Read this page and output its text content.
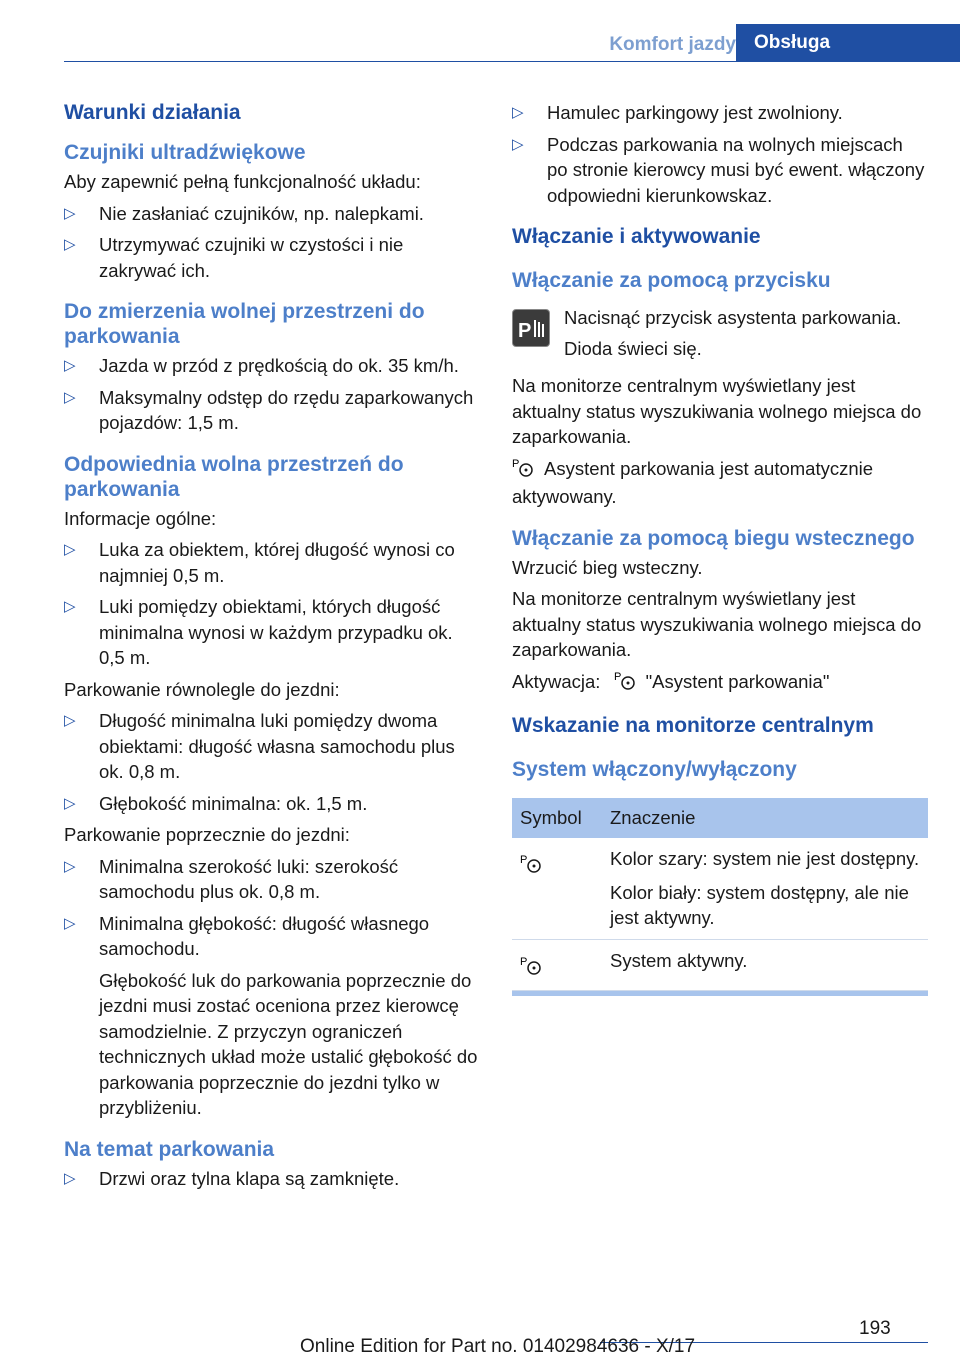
Komfort jazdy Obsługa
Warunki działania
Czujniki ultradźwiękowe
Aby zapewnić pełną funkcjonalność układu:
▷ Nie zasłaniać czujników, np. nalepkami.
▷ Utrzymywać czujniki w czystości i nie zakrywać ich.
Do zmierzenia wolnej przestrzeni do parkowania
▷ Jazda w przód z prędkością do ok. 35 km/h.
▷ Maksymalny odstęp do rzędu zaparkowanych pojazdów: 1,5 m.
Odpowiednia wolna przestrzeń do parkowania
Informacje ogólne:
▷ Luka za obiektem, której długość wynosi co najmniej 0,5 m.
▷ Luki pomiędzy obiektami, których długość minimalna wynosi w każdym przypadku ok. 0,5 m.
Parkowanie równolegle do jezdni:
▷ Długość minimalna luki pomiędzy dwoma obiektami: długość własna samochodu plus ok. 0,8 m.
▷ Głębokość minimalna: ok. 1,5 m.
Parkowanie poprzecznie do jezdni:
▷ Minimalna szerokość luki: szerokość samochodu plus ok. 0,8 m.
▷ Minimalna głębokość: długość własnego samochodu.
Głębokość luk do parkowania poprzecznie do jezdni musi zostać oceniona przez kierowcę samodzielnie. Z przyczyn ograniczeń technicznych układ może ustalić głębokość do parkowania poprzecznie do jezdni tylko w przybliżeniu.
Na temat parkowania
▷ Drzwi oraz tylna klapa są zamknięte.
▷ Hamulec parkingowy jest zwolniony.
▷ Podczas parkowania na wolnych miejscach po stronie kierowcy musi być ewent. włączony odpowiedni kierunkowskaz.
Włączanie i aktywowanie
Włączanie za pomocą przycisku
P
Nacisnąć przycisk asystenta parkowania.
Dioda świeci się.
Na monitorze centralnym wyświetlany jest aktualny status wyszukiwania wolnego miejsca do zaparkowania.
P Asystent parkowania jest automatycznie aktywowany.
Włączanie za pomocą biegu wstecznego
Wrzucić bieg wsteczny.
Na monitorze centralnym wyświetlany jest aktualny status wyszukiwania wolnego miejsca do zaparkowania.
Aktywacja: P "Asystent parkowania"
Wskazanie na monitorze centralnym
System włączony/wyłączony
Symbol	Znaczenie

P	Kolor szary: system nie jest dostępny.

Kolor biały: system dostępny, ale nie jest aktywny.

P	System aktywny.

193
Online Edition for Part no. 01402984636 - X/17
